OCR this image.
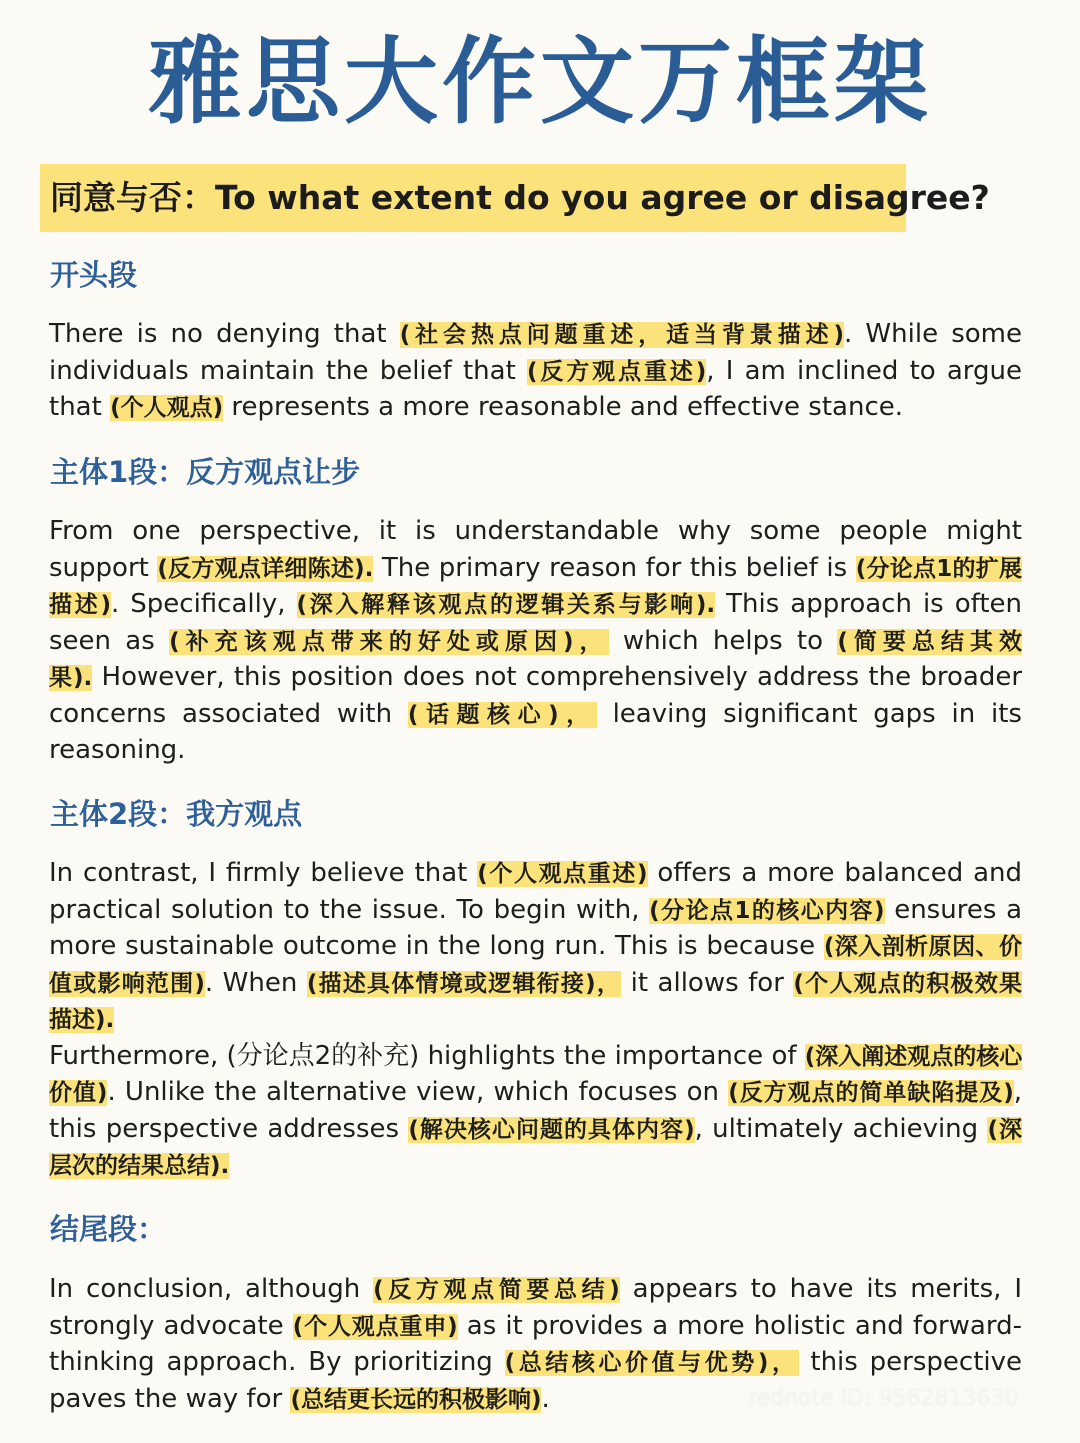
雅思大作文万框架
同意与否：To what extent do you agree or disagree?
开头段
There is no denying that (社会热点问题重述，适当背景描述). While some
individuals maintain the belief that (反方观点重述), I am inclined to argue
that (个人观点) represents a more reasonable and effective stance.
主体1段：反方观点让步
From one perspective, it is understandable why some people might
support (反方观点详细陈述). The primary reason for this belief is (分论点1的扩展
描述). Specifically, (深入解释该观点的逻辑关系与影响). This approach is often
seen as (补充该观点带来的好处或原因)， which helps to (简要总结其效
果). However, this position does not comprehensively address the broader
concerns associated with (话题核心)， leaving significant gaps in its
reasoning.
主体2段：我方观点
In contrast, I firmly believe that (个人观点重述) offers a more balanced and
practical solution to the issue. To begin with, (分论点1的核心内容) ensures a
more sustainable outcome in the long run. This is because (深入剖析原因、价
值或影响范围). When (描述具体情境或逻辑衔接)， it allows for (个人观点的积极效果
描述).
Furthermore, (分论点2的补充) highlights the importance of (深入阐述观点的核心
价值). Unlike the alternative view, which focuses on (反方观点的简单缺陷提及),
this perspective addresses (解决核心问题的具体内容), ultimately achieving (深
层次的结果总结).
结尾段：
In conclusion, although (反方观点简要总结) appears to have its merits, I
strongly advocate (个人观点重申) as it provides a more holistic and forward-
thinking approach. By prioritizing (总结核心价值与优势)， this perspective
paves the way for (总结更长远的积极影响).	rednote ID: 9562813630
